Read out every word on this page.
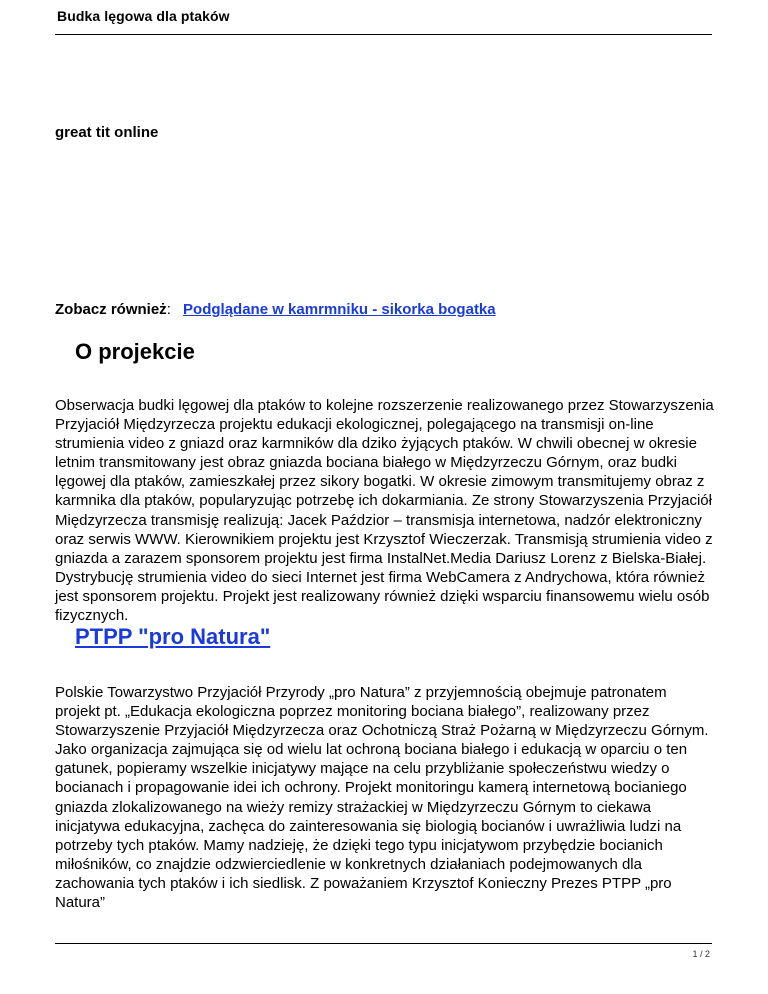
Budka lęgowa dla ptaków
great tit online
Zobacz również: Podglądane w kamrmniku - sikorka bogatka
O projekcie

Obserwacja budki lęgowej dla ptaków to kolejne rozszerzenie realizowanego przez Stowarzyszenia Przyjaciół Międzyrzecza projektu edukacji ekologicznej, polegającego na transmisji on-line strumienia video z gniazd oraz karmników dla dziko żyjących ptaków. W chwili obecnej w okresie letnim transmitowany jest obraz gniazda bociana białego w Międzyrzeczu Górnym, oraz budki lęgowej dla ptaków, zamieszkałej przez sikory bogatki. W okresie zimowym transmitujemy obraz z karmnika dla ptaków, popularyzując potrzebę ich dokarmiania. Ze strony Stowarzyszenia Przyjaciół Międzyrzecza transmisję realizują: Jacek Paździor – transmisja internetowa, nadzór elektroniczny oraz serwis WWW. Kierownikiem projektu jest Krzysztof Wieczerzak. Transmisją strumienia video z gniazda a zarazem sponsorem projektu jest firma InstalNet.Media Dariusz Lorenz z Bielska-Białej. Dystrybucję strumienia video do sieci Internet jest firma WebCamera z Andrychowa, która również jest sponsorem projektu. Projekt jest realizowany również dzięki wsparciu finansowemu wielu osób fizycznych.

PTPP "pro Natura"

Polskie Towarzystwo Przyjaciół Przyrody „pro Natura” z przyjemnością obejmuje patronatem projekt pt. „Edukacja ekologiczna poprzez monitoring bociana białego”, realizowany przez Stowarzyszenie Przyjaciół Międzyrzecza oraz Ochotniczą Straż Pożarną w Międzyrzeczu Górnym. Jako organizacja zajmująca się od wielu lat ochroną bociana białego i edukacją w oparciu o ten gatunek, popieramy wszelkie inicjatywy mające na celu przybliżanie społeczeństwu wiedzy o bocianach i propagowanie idei ich ochrony. Projekt monitoringu kamerą internetową bocianiego gniazda zlokalizowanego na wieży remizy strażackiej w Międzyrzeczu Górnym to ciekawa inicjatywa edukacyjna, zachęca do zainteresowania się biologią bocianów i uwrażliwia ludzi na potrzeby tych ptaków. Mamy nadzieję, że dzięki tego typu inicjatywom przybędzie bocianich miłośników, co znajdzie odzwierciedlenie w konkretnych działaniach podejmowanych dla zachowania tych ptaków i ich siedlisk. Z poważaniem Krzysztof Konieczny Prezes PTPP „pro Natura”

1 / 2
